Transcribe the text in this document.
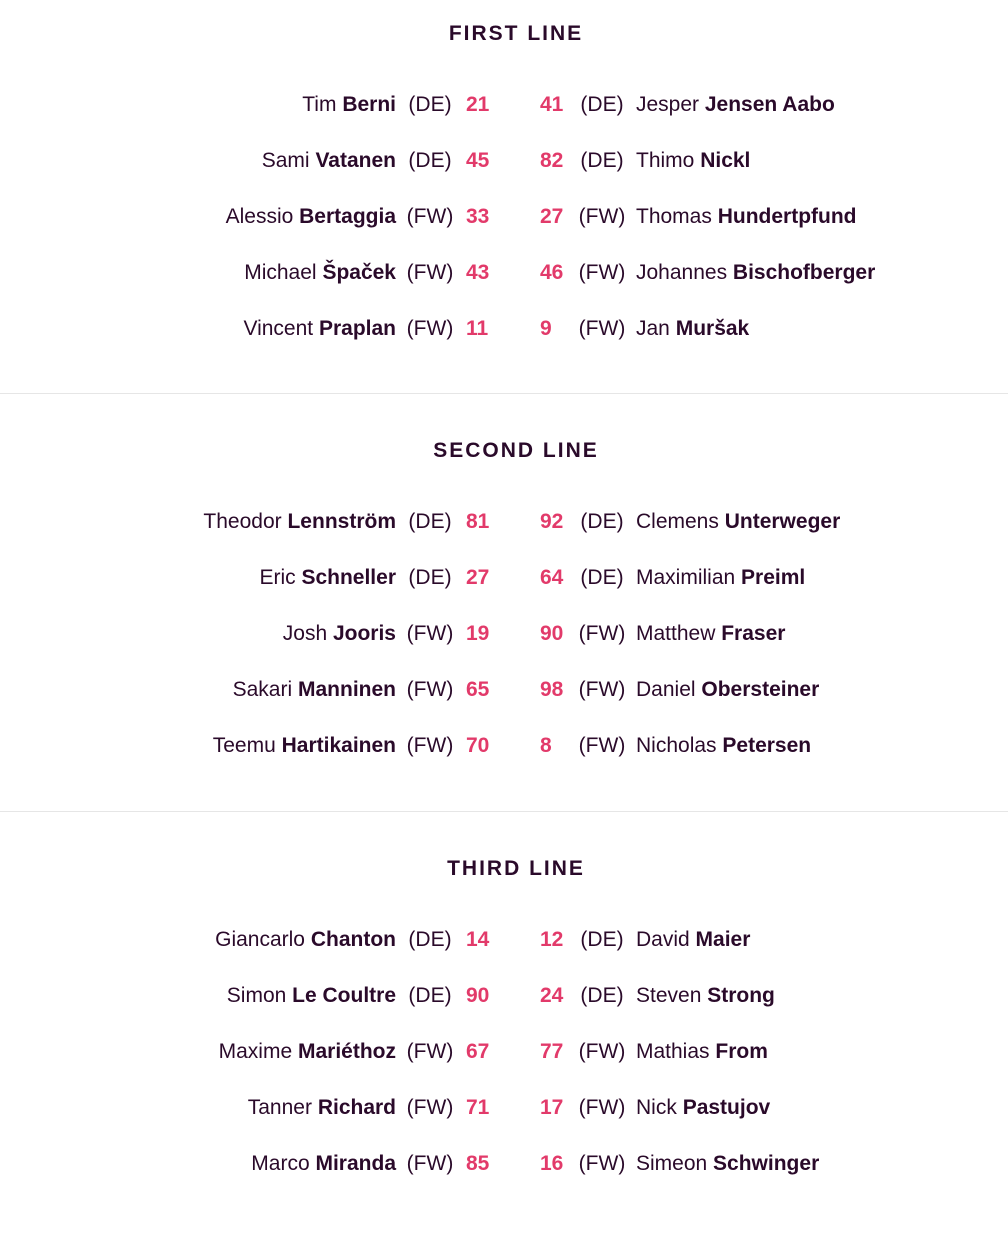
FIRST LINE
Tim Berni (DE) 21 41 (DE) Jesper Jensen Aabo
Sami Vatanen (DE) 45 82 (DE) Thimo Nickl
Alessio Bertaggia (FW) 33 27 (FW) Thomas Hundertpfund
Michael Špaček (FW) 43 46 (FW) Johannes Bischofberger
Vincent Praplan (FW) 11 9 (FW) Jan Muršak
SECOND LINE
Theodor Lennström (DE) 81 92 (DE) Clemens Unterweger
Eric Schneller (DE) 27 64 (DE) Maximilian Preiml
Josh Jooris (FW) 19 90 (FW) Matthew Fraser
Sakari Manninen (FW) 65 98 (FW) Daniel Obersteiner
Teemu Hartikainen (FW) 70 8 (FW) Nicholas Petersen
THIRD LINE
Giancarlo Chanton (DE) 14 12 (DE) David Maier
Simon Le Coultre (DE) 90 24 (DE) Steven Strong
Maxime Mariéthoz (FW) 67 77 (FW) Mathias From
Tanner Richard (FW) 71 17 (FW) Nick Pastujov
Marco Miranda (FW) 85 16 (FW) Simeon Schwinger
